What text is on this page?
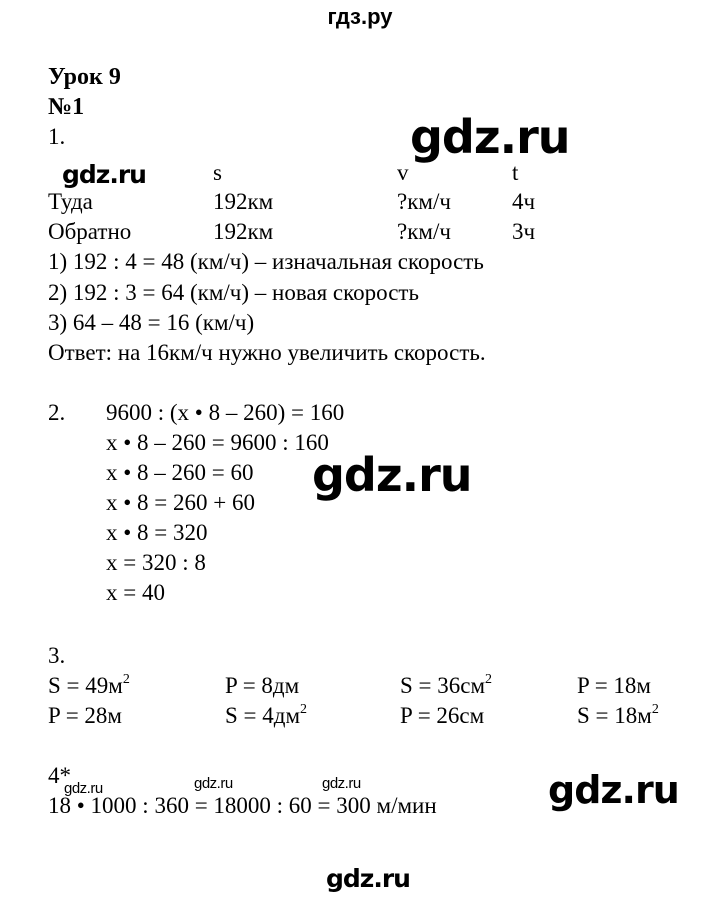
гдз.ру
Урок 9
№1
1.	gdz.ru
gdz.ru	s	v	t
Туда	192км	?км/ч	4ч
Обратно	192км	?км/ч	3ч
1) 192 : 4 = 48 (км/ч) – изначальная скорость
2) 192 : 3 = 64 (км/ч) – новая скорость
3) 64 – 48 = 16 (км/ч)
Ответ: на 16км/ч нужно увеличить скорость.
2. 9600 : (x • 8 – 260) = 160
x • 8 – 260 = 9600 : 160
x • 8 – 260 = 60
x • 8 = 260 + 60
x • 8 = 320
x = 320 : 8
x = 40
gdz.ru
3.
$S = 49м^2$	P = 8дм	$S = 36см^2$	P = 18м
P = 28м	$S = 4дм^2$	P = 26см	$S = 18м^2$
4*
gdz.ru	gdz.ru	gdz.ru
18 • 1000 : 360 = 18000 : 60 = 300 м/мин	gdz.ru
gdz.ru
